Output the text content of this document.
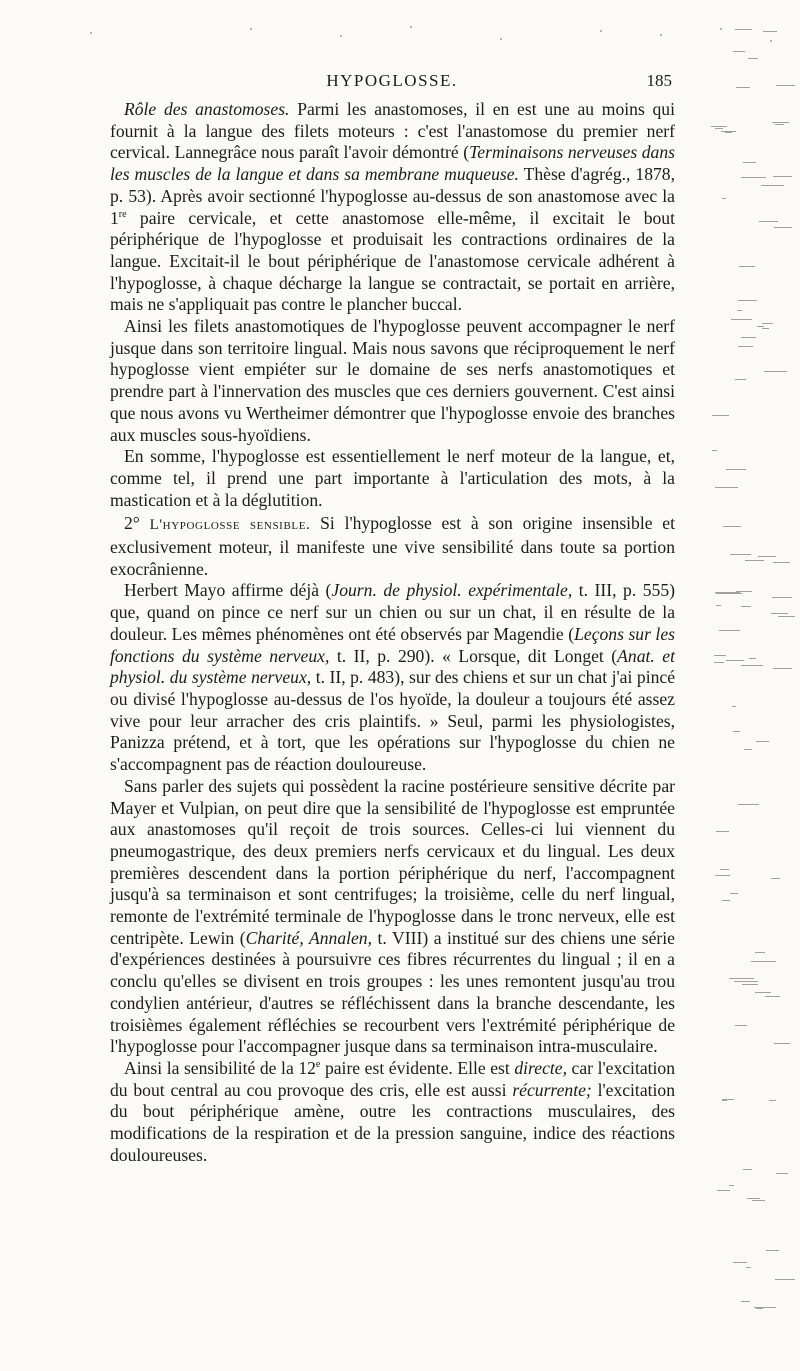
HYPOGLOSSE.	185

Rôle des anastomoses. Parmi les anastomoses, il en est une au moins qui fournit à la langue des filets moteurs : c'est l'anastomose du premier nerf cervical. Lannegrâce nous paraît l'avoir démontré (Terminaisons nerveuses dans les muscles de la langue et dans sa membrane muqueuse. Thèse d'agrég., 1878, p. 53). Après avoir sectionné l'hypoglosse au-dessus de son anastomose avec la 1re paire cervicale, et cette anastomose elle-même, il excitait le bout périphérique de l'hypoglosse et produisait les contractions ordinaires de la langue. Excitait-il le bout périphérique de l'anastomose cervicale adhérent à l'hypoglosse, à chaque décharge la langue se contractait, se portait en arrière, mais ne s'appliquait pas contre le plancher buccal.

Ainsi les filets anastomotiques de l'hypoglosse peuvent accompagner le nerf jusque dans son territoire lingual. Mais nous savons que réciproquement le nerf hypoglosse vient empiéter sur le domaine de ses nerfs anastomotiques et prendre part à l'innervation des muscles que ces derniers gouvernent. C'est ainsi que nous avons vu Wertheimer démontrer que l'hypoglosse envoie des branches aux muscles sous-hyoïdiens.

En somme, l'hypoglosse est essentiellement le nerf moteur de la langue, et, comme tel, il prend une part importante à l'articulation des mots, à la mastication et à la déglutition.

2° L'hypoglosse sensible. Si l'hypoglosse est à son origine insensible et exclusivement moteur, il manifeste une vive sensibilité dans toute sa portion exocrânienne.

Herbert Mayo affirme déjà (Journ. de physiol. expérimentale, t. III, p. 555) que, quand on pince ce nerf sur un chien ou sur un chat, il en résulte de la douleur. Les mêmes phénomènes ont été observés par Magendie (Leçons sur les fonctions du système nerveux, t. II, p. 290). « Lorsque, dit Longet (Anat. et physiol. du système nerveux, t. II, p. 483), sur des chiens et sur un chat j'ai pincé ou divisé l'hypoglosse au-dessus de l'os hyoïde, la douleur a toujours été assez vive pour leur arracher des cris plaintifs. » Seul, parmi les physiologistes, Panizza prétend, et à tort, que les opérations sur l'hypoglosse du chien ne s'accompagnent pas de réaction douloureuse.

Sans parler des sujets qui possèdent la racine postérieure sensitive décrite par Mayer et Vulpian, on peut dire que la sensibilité de l'hypoglosse est empruntée aux anastomoses qu'il reçoit de trois sources. Celles-ci lui viennent du pneumogastrique, des deux premiers nerfs cervicaux et du lingual. Les deux premières descendent dans la portion périphérique du nerf, l'accompagnent jusqu'à sa terminaison et sont centrifuges; la troisième, celle du nerf lingual, remonte de l'extrémité terminale de l'hypoglosse dans le tronc nerveux, elle est centripète. Lewin (Charité, Annalen, t. VIII) a institué sur des chiens une série d'expériences destinées à poursuivre ces fibres récurrentes du lingual ; il en a conclu qu'elles se divisent en trois groupes : les unes remontent jusqu'au trou condylien antérieur, d'autres se réfléchissent dans la branche descendante, les troisièmes également réfléchies se recourbent vers l'extrémité périphérique de l'hypoglosse pour l'accompagner jusque dans sa terminaison intra-musculaire.

Ainsi la sensibilité de la 12e paire est évidente. Elle est directe, car l'excitation du bout central au cou provoque des cris, elle est aussi récurrente; l'excitation du bout périphérique amène, outre les contractions musculaires, des modifications de la respiration et de la pression sanguine, indice des réactions douloureuses.
